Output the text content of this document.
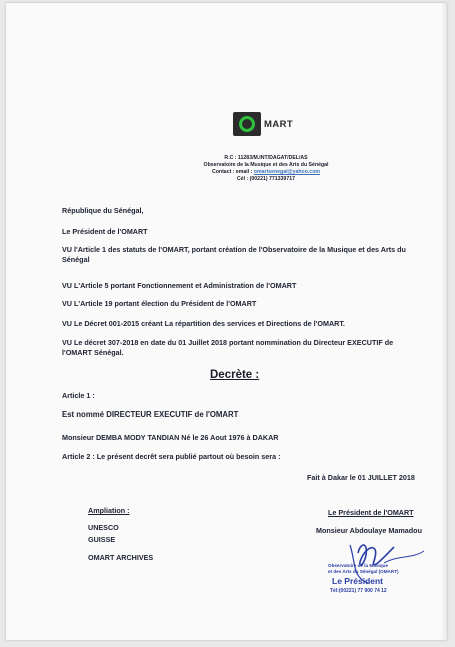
MART
R.C : 11283/M.INT/DAGAT/DEL/AS
Observatoire de la Musique et des Arts du Sénégal
Contact : email : omartsenegal@yahoo.com
Cél : (00221) 771339717
République du Sénégal,
Le Président de l'OMART
VU l'Article 1 des statuts de l'OMART, portant création de l'Observatoire de la Musique et des Arts du Sénégal
VU L'Article 5 portant Fonctionnement et Administration de l'OMART
VU L'Article 19 portant élection du Président de l'OMART
VU Le Décret 001-2015 créant La répartition des services et Directions de l'OMART.
VU Le décret 307-2018 en date du 01 Juillet 2018 portant nommination du Directeur EXECUTIF de l'OMART Sénégal.
Decrète :
Article 1 :
Est nommé DIRECTEUR EXECUTIF de l'OMART
Monsieur DEMBA MODY TANDIAN Né le 26 Aout 1976 à DAKAR
Article 2 : Le présent decrêt sera publié partout où besoin sera :
Fait à Dakar le 01 JUILLET 2018
Ampliation :
UNESCO
GUISSE
OMART ARCHIVES
Le Président de l'OMART
Monsieur Abdoulaye Mamadou
Observatoire de la Musique
et des Arts du Sénégal (OMART)
Le Président
Tél:(00221) 77 900 74 12
